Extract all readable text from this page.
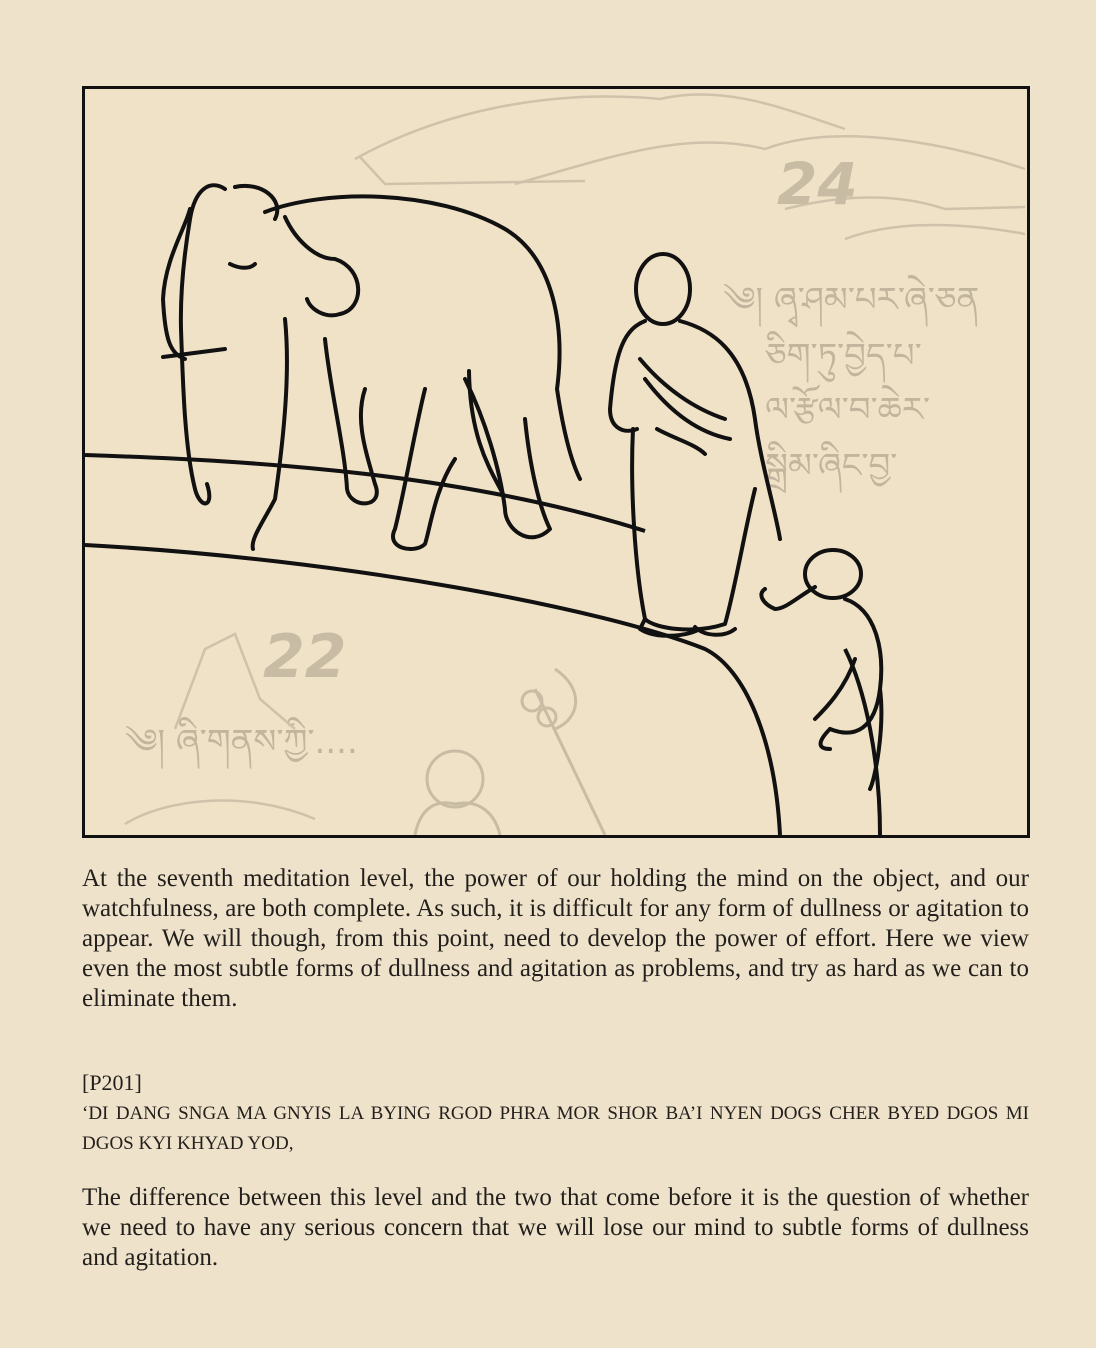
24
22
༄། ཞྭ་ཤམ་པར་ཞེ་ཅན
ཅིག་ཏུ་བྱེད་པ་
ལ་རྩོལ་བ་ཆེར་
སྒྲིམ་ཞིང་བྱ་
༄། ཞི་གནས་ཀྱི་....

At the seventh meditation level, the power of our holding the mind on the object, and our watchfulness, are both complete. As such, it is difficult for any form of dullness or agitation to appear. We will though, from this point, need to develop the power of effort. Here we view even the most subtle forms of dullness and agitation as problems, and try as hard as we can to eliminate them.

[P201]

‘DI DANG SNGA MA GNYIS LA BYING RGOD PHRA MOR SHOR BA’I NYEN DOGS CHER BYED DGOS MI DGOS KYI KHYAD YOD,

The difference between this level and the two that come before it is the question of whether we need to have any serious concern that we will lose our mind to subtle forms of dullness and agitation.
